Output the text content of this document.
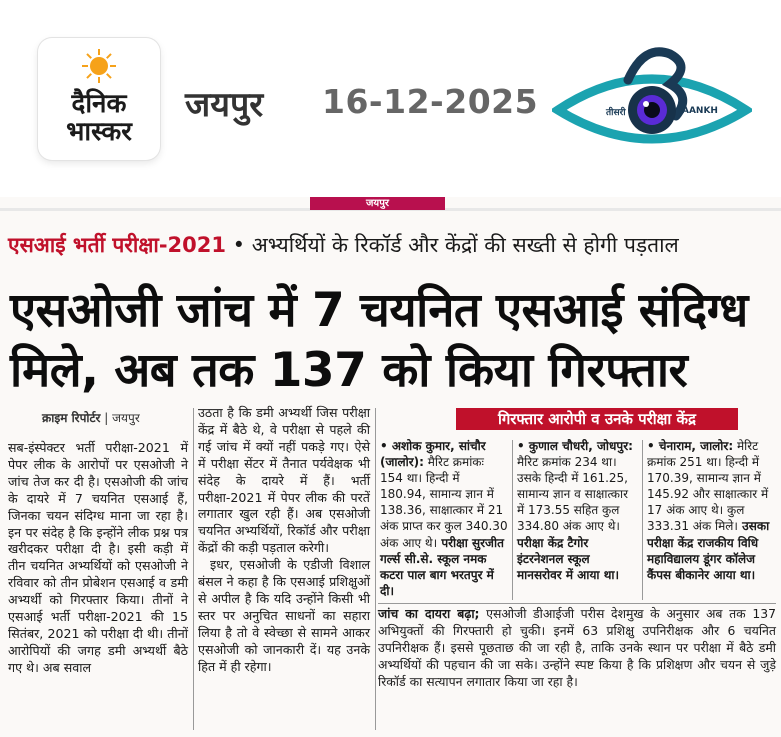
दैनिक
भास्कर
जयपुर 16-12-2025	तीसरी	AANKH
जयपुर
एसआई भर्ती परीक्षा-2021 • अभ्यर्थियों के रिकॉर्ड और केंद्रों की सख्ती से होगी पड़ताल
एसओजी जांच में 7 चयनित एसआई संदिग्ध
मिले, अब तक 137 को किया गिरफ्तार
क्राइम रिपोर्टर | जयपुर

सब-इंस्पेक्टर भर्ती परीक्षा-2021 में पेपर लीक के आरोपों पर एसओजी ने जांच तेज कर दी है। एसओजी की जांच के दायरे में 7 चयनित एसआई हैं, जिनका चयन संदिग्ध माना जा रहा है। इन पर संदेह है कि इन्होंने लीक प्रश्न पत्र खरीदकर परीक्षा दी है। इसी कड़ी में तीन चयनित अभ्यर्थियों को एसओजी ने रविवार को तीन प्रोबेशन एसआई व डमी अभ्यर्थी को गिरफ्तार किया। तीनों ने एसआई भर्ती परीक्षा-2021 की 15 सितंबर, 2021 को परीक्षा दी थी। तीनों आरोपियों की जगह डमी अभ्यर्थी बैठे गए थे। अब सवाल

उठता है कि डमी अभ्यर्थी जिस परीक्षा केंद्र में बैठे थे, वे परीक्षा से पहले की गई जांच में क्यों नहीं पकड़े गए। ऐसे में परीक्षा सेंटर में तैनात पर्यवेक्षक भी संदेह के दायरे में हैं। भर्ती परीक्षा-2021 में पेपर लीक की परतें लगातार खुल रही हैं। अब एसओजी चयनित अभ्यर्थियों, रिकॉर्ड और परीक्षा केंद्रों की कड़ी पड़ताल करेगी।

इधर, एसओजी के एडीजी विशाल बंसल ने कहा है कि एसआई प्रशिक्षुओं से अपील है कि यदि उन्होंने किसी भी स्तर पर अनुचित साधनों का सहारा लिया है तो वे स्वेच्छा से सामने आकर एसओजी को जानकारी दें। यह उनके हित में ही रहेगा।

गिरफ्तार आरोपी व उनके परीक्षा केंद्र

• अशोक कुमार, सांचौर (जालोर): मैरिट क्रमांकः 154 था। हिन्दी में 180.94, सामान्य ज्ञान में 138.36, साक्षात्कार में 21 अंक प्राप्त कर कुल 340.30 अंक आए थे। परीक्षा सुरजीत गर्ल्स सी.से. स्कूल नमक कटरा पाल बाग भरतपुर में दी।

• कुणाल चौधरी, जोधपुर: मैरिट क्रमांक 234 था। उसके हिन्दी में 161.25, सामान्य ज्ञान व साक्षात्कार में 173.55 सहित कुल 334.80 अंक आए थे। परीक्षा केंद्र टैगोर इंटरनेशनल स्कूल मानसरोवर में आया था।

• चेनाराम, जालोर: मेरिट क्रमांक 251 था। हिन्दी में 170.39, सामान्य ज्ञान में 145.92 और साक्षात्कार में 17 अंक आए थे। कुल 333.31 अंक मिले। उसका परीक्षा केंद्र राजकीय विधि महाविद्यालय डूंगर कॉलेज कैंपस बीकानेर आया था।

जांच का दायरा बढ़ा; एसओजी डीआईजी परीस देशमुख के अनुसार अब तक 137 अभियुक्तों की गिरफ्तारी हो चुकी। इनमें 63 प्रशिक्षु उपनिरीक्षक और 6 चयनित उपनिरीक्षक हैं। इससे पूछताछ की जा रही है, ताकि उनके स्थान पर परीक्षा में बैठे डमी अभ्यर्थियों की पहचान की जा सके। उन्होंने स्पष्ट किया है कि प्रशिक्षण और चयन से जुड़े रिकॉर्ड का सत्यापन लगातार किया जा रहा है।
